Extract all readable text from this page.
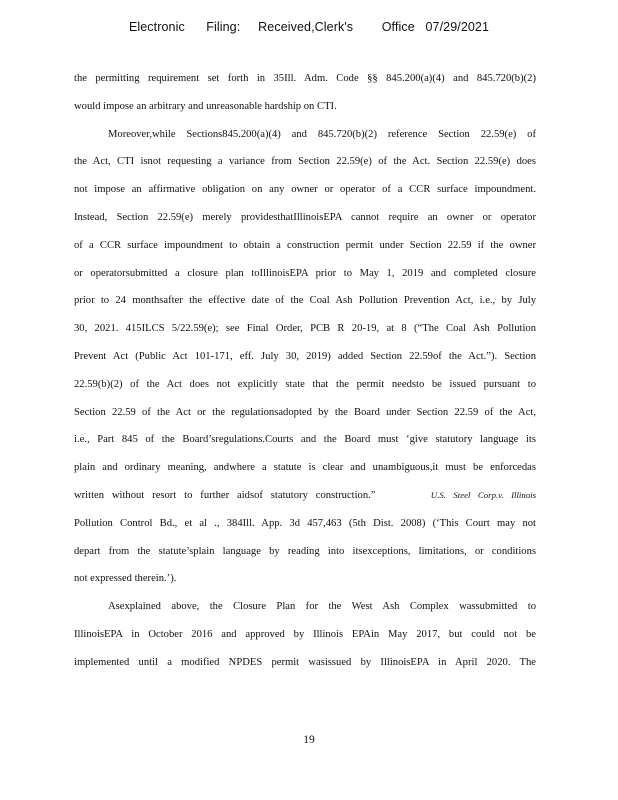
Electronic      Filing:     Received,Clerk's        Office   07/29/2021
the permitting requirement set forth in 35Ill. Adm. Code §§ 845.200(a)(4) and 845.720(b)(2)
would impose an arbitrary and unreasonable hardship on CTI.
Moreover,while Sections845.200(a)(4) and 845.720(b)(2) reference Section 22.59(e) of
the Act, CTI isnot requesting a variance from Section 22.59(e) of the Act. Section 22.59(e) does
not impose an affirmative obligation on any owner or operator of a CCR surface impoundment.
Instead, Section 22.59(e) merely providesthatIllinoisEPA cannot require an owner or operator
of a CCR surface impoundment to obtain a construction permit under Section 22.59 if the owner
or operatorsubmitted a closure plan toIllinoisEPA prior to May 1, 2019 and completed closure
prior to 24 monthsafter the effective date of the Coal Ash Pollution Prevention Act, i.e., by July
30, 2021. 415ILCS 5/22.59(e); see Final Order, PCB R 20-19, at 8 (“The Coal Ash Pollution
Prevent Act (Public Act 101-171, eff. July 30, 2019) added Section 22.59of the Act.”). Section
22.59(b)(2) of the Act does not explicitly state that the permit needsto be issued pursuant to
Section 22.59 of the Act or the regulationsadopted by the Board under Section 22.59 of the Act,
i.e., Part 845 of the Board’sregulations.Courts and the Board must ‘give statutory language its
plain and ordinary meaning, andwhere a statute is clear and unambiguous,it must be enforcedas
written without resort to further aidsof statutory construction.”	U.S. Steel Corp.v. Illinois
Pollution Control Bd., et al ., 384Ill. App. 3d 457,463 (5th Dist. 2008) (‘This Court may not
depart from the statute’splain language by reading into itsexceptions, limitations, or conditions
not expressed therein.’).
Asexplained above, the Closure Plan for the West Ash Complex wassubmitted to
IllinoisEPA in October 2016 and approved by Illinois EPAin May 2017, but could not be
implemented until a modified NPDES permit wasissued by IllinoisEPA in April 2020. The
19
